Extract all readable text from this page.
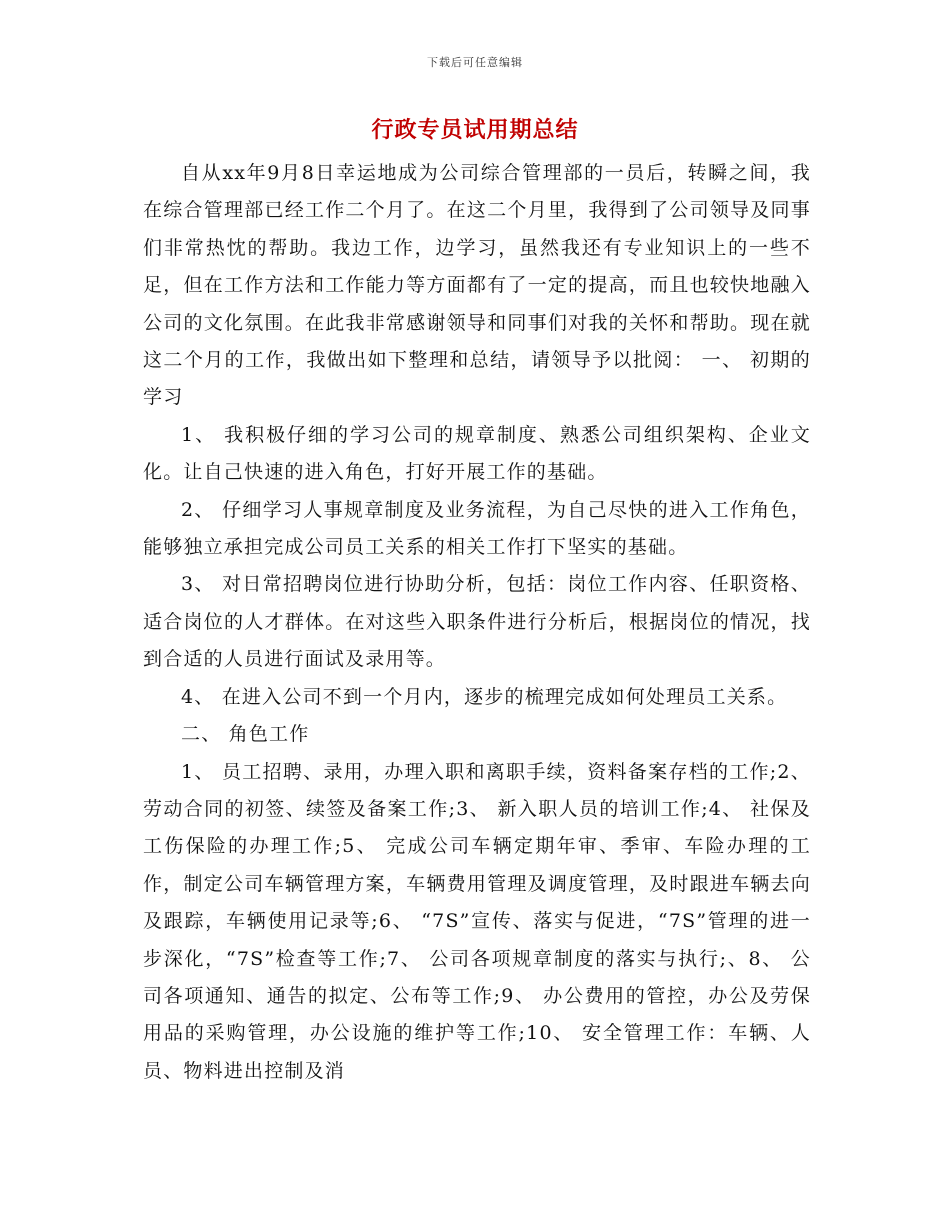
下载后可任意编辑
行政专员试用期总结

自从xx年9月8日幸运地成为公司综合管理部的一员后，转瞬之间，我在综合管理部已经工作二个月了。在这二个月里，我得到了公司领导及同事们非常热忱的帮助。我边工作，边学习，虽然我还有专业知识上的一些不足，但在工作方法和工作能力等方面都有了一定的提高，而且也较快地融入公司的文化氛围。在此我非常感谢领导和同事们对我的关怀和帮助。现在就这二个月的工作，我做出如下整理和总结，请领导予以批阅： 一、 初期的学习

1、 我积极仔细的学习公司的规章制度、熟悉公司组织架构、企业文化。让自己快速的进入角色，打好开展工作的基础。

2、 仔细学习人事规章制度及业务流程，为自己尽快的进入工作角色，能够独立承担完成公司员工关系的相关工作打下坚实的基础。

3、 对日常招聘岗位进行协助分析，包括：岗位工作内容、任职资格、适合岗位的人才群体。在对这些入职条件进行分析后，根据岗位的情况，找到合适的人员进行面试及录用等。

4、 在进入公司不到一个月内，逐步的梳理完成如何处理员工关系。

二、 角色工作

1、 员工招聘、录用，办理入职和离职手续，资料备案存档的工作;2、 劳动合同的初签、续签及备案工作;3、 新入职人员的培训工作;4、 社保及工伤保险的办理工作;5、 完成公司车辆定期年审、季审、车险办理的工作，制定公司车辆管理方案，车辆费用管理及调度管理，及时跟进车辆去向及跟踪，车辆使用记录等;6、 “7S”宣传、落实与促进，“7S”管理的进一步深化，“7S”检查等工作;7、 公司各项规章制度的落实与执行;、8、 公司各项通知、通告的拟定、公布等工作;9、 办公费用的管控，办公及劳保用品的采购管理，办公设施的维护等工作;10、 安全管理工作：车辆、人员、物料进出控制及消
